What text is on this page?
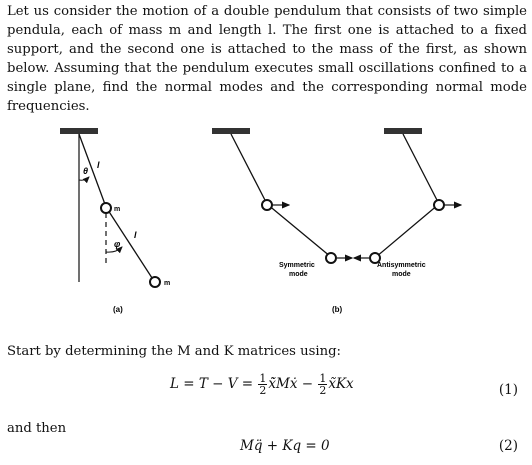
Let us consider the motion of a double pendulum that consists of two simple pendula, each of mass m and length l. The first one is attached to a fixed support, and the second one is attached to the mass of the first, as shown below. Assuming that the pendulum executes small oscillations confined to a single plane, find the normal modes and the corresponding normal mode frequencies.
θ
l
m
φ
l
m
(a)
Symmetric
mode
Antisymmetric
mode
(b)
Start by determining the M and K matrices using:
$L = T - V = \frac{1}{2}$ ẋ̃Mẋ − $\frac{1}{2}$ x̃Kx	(1)
and then
Mq̈ + Kq = 0	(2)
